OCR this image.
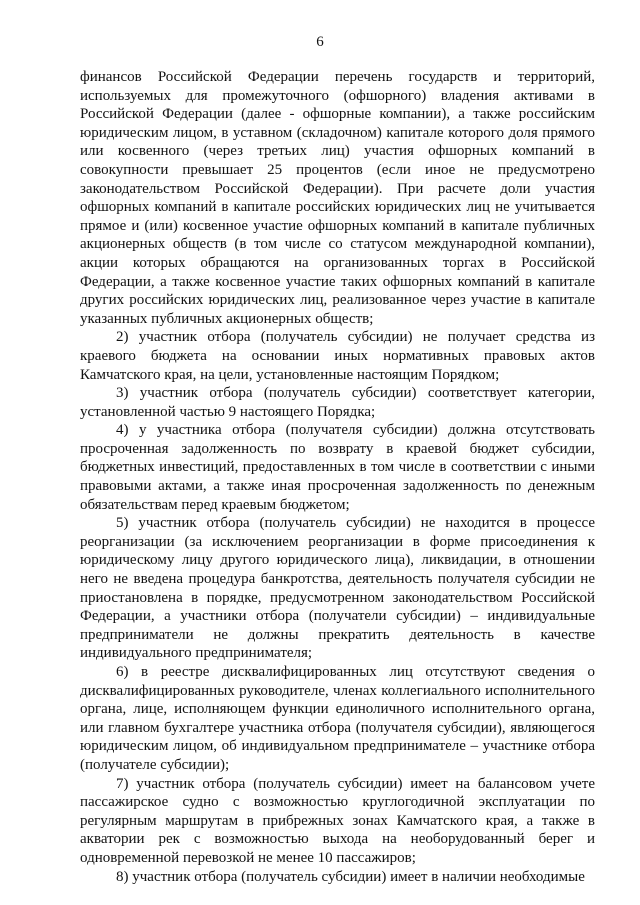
6

финансов Российской Федерации перечень государств и территорий, используемых для промежуточного (офшорного) владения активами в Российской Федерации (далее - офшорные компании), а также российским юридическим лицом, в уставном (складочном) капитале которого доля прямого или косвенного (через третьих лиц) участия офшорных компаний в совокупности превышает 25 процентов (если иное не предусмотрено законодательством Российской Федерации). При расчете доли участия офшорных компаний в капитале российских юридических лиц не учитывается прямое и (или) косвенное участие офшорных компаний в капитале публичных акционерных обществ (в том числе со статусом международной компании), акции которых обращаются на организованных торгах в Российской Федерации, а также косвенное участие таких офшорных компаний в капитале других российских юридических лиц, реализованное через участие в капитале указанных публичных акционерных обществ;

2) участник отбора (получатель субсидии) не получает средства из краевого бюджета на основании иных нормативных правовых актов Камчатского края, на цели, установленные настоящим Порядком;

3) участник отбора (получатель субсидии) соответствует категории, установленной частью 9 настоящего Порядка;

4) у участника отбора (получателя субсидии) должна отсутствовать просроченная задолженность по возврату в краевой бюджет субсидии, бюджетных инвестиций, предоставленных в том числе в соответствии с иными правовыми актами, а также иная просроченная задолженность по денежным обязательствам перед краевым бюджетом;

5) участник отбора (получатель субсидии) не находится в процессе реорганизации (за исключением реорганизации в форме присоединения к юридическому лицу другого юридического лица), ликвидации, в отношении него не введена процедура банкротства, деятельность получателя субсидии не приостановлена в порядке, предусмотренном законодательством Российской Федерации, а участники отбора (получатели субсидии) – индивидуальные предприниматели не должны прекратить деятельность в качестве индивидуального предпринимателя;

6) в реестре дисквалифицированных лиц отсутствуют сведения о дисквалифицированных руководителе, членах коллегиального исполнительного органа, лице, исполняющем функции единоличного исполнительного органа, или главном бухгалтере участника отбора (получателя субсидии), являющегося юридическим лицом, об индивидуальном предпринимателе – участнике отбора (получателе субсидии);

7) участник отбора (получатель субсидии) имеет на балансовом учете пассажирское судно с возможностью круглогодичной эксплуатации по регулярным маршрутам в прибрежных зонах Камчатского края, а также в акватории рек с возможностью выхода на необорудованный берег и одновременной перевозкой не менее 10 пассажиров;

8) участник отбора (получатель субсидии) имеет в наличии необходимые
